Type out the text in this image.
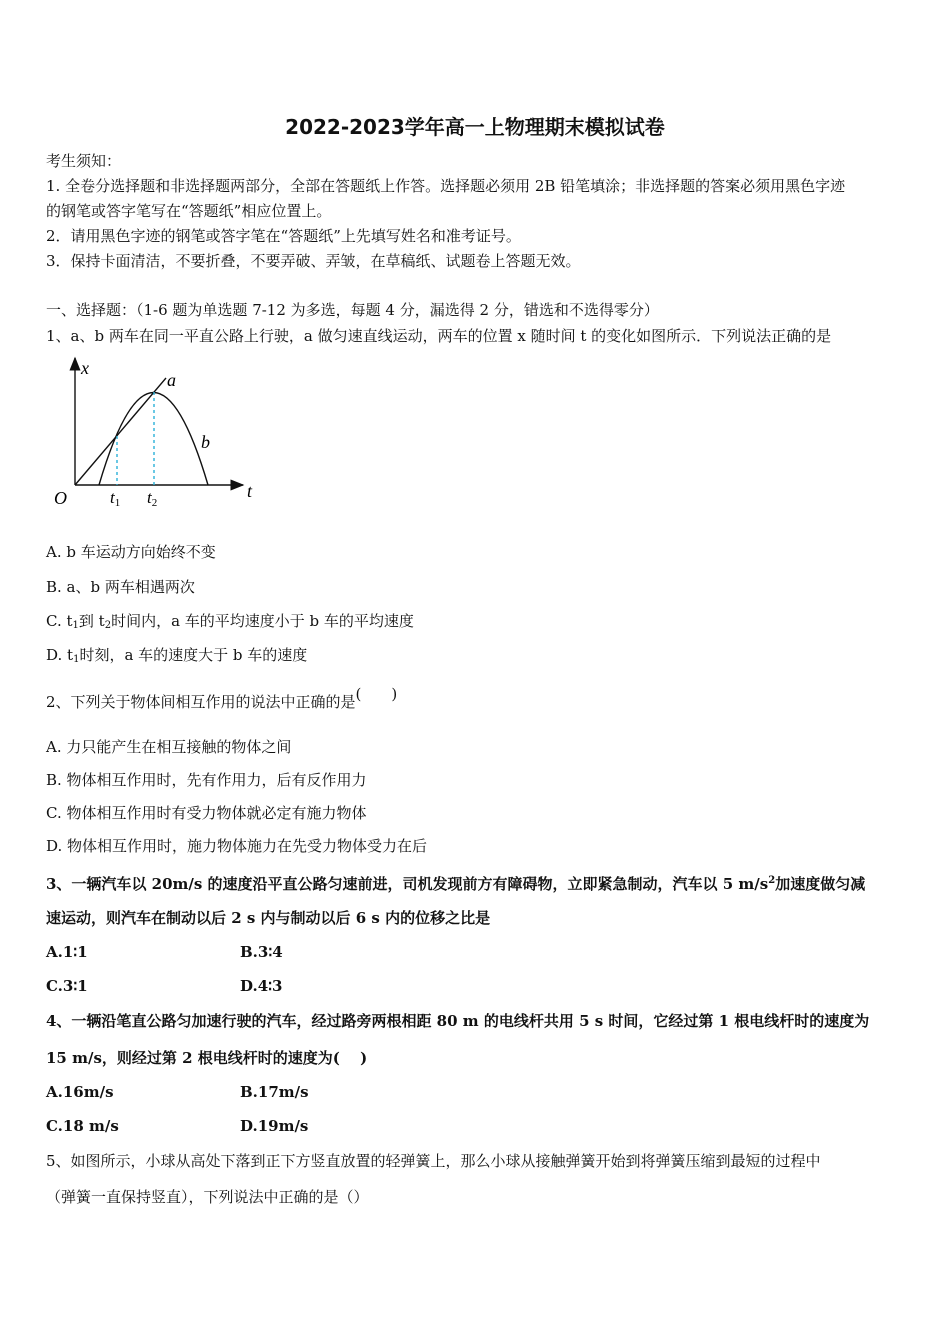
2022-2023学年高一上物理期末模拟试卷
考生须知：
1. 全卷分选择题和非选择题两部分，全部在答题纸上作答。选择题必须用 2B 铅笔填涂；非选择题的答案必须用黑色字迹
的钢笔或答字笔写在“答题纸”相应位置上。
2．请用黑色字迹的钢笔或答字笔在“答题纸”上先填写姓名和准考证号。
3．保持卡面清洁，不要折叠，不要弄破、弄皱，在草稿纸、试题卷上答题无效。
一、选择题：（1-6 题为单选题 7-12 为多选，每题 4 分，漏选得 2 分，错选和不选得零分）
1、a、b 两车在同一平直公路上行驶，a 做匀速直线运动，两车的位置 x 随时间 t 的变化如图所示．下列说法正确的是
x
t
O
a
b
t1 t2
A. b 车运动方向始终不变
B. a、b 两车相遇两次
C. $t_1$到 $t_2$时间内，a 车的平均速度小于 b 车的平均速度
D. $t_1$时刻，a 车的速度大于 b 车的速度
2、下列关于物体间相互作用的说法中正确的是(　　)
A. 力只能产生在相互接触的物体之间
B. 物体相互作用时，先有作用力，后有反作用力
C. 物体相互作用时有受力物体就必定有施力物体
D. 物体相互作用时，施力物体施力在先受力物体受力在后
3、一辆汽车以 20m/s 的速度沿平直公路匀速前进，司机发现前方有障碍物，立即紧急制动，汽车以 5 $m/s^2$加速度做匀减
速运动，则汽车在制动以后 2 s 内与制动以后 6 s 内的位移之比是
A.1∶1	B.3∶4
C.3∶1	D.4∶3
4、一辆沿笔直公路匀加速行驶的汽车，经过路旁两根相距 80 m 的电线杆共用 5 s 时间，它经过第 1 根电线杆时的速度为
15 m/s，则经过第 2 根电线杆时的速度为(　 )
A.16m/s	B.17m/s
C.18 m/s	D.19m/s
5、如图所示，小球从高处下落到正下方竖直放置的轻弹簧上，那么小球从接触弹簧开始到将弹簧压缩到最短的过程中
（弹簧一直保持竖直），下列说法中正确的是（）
